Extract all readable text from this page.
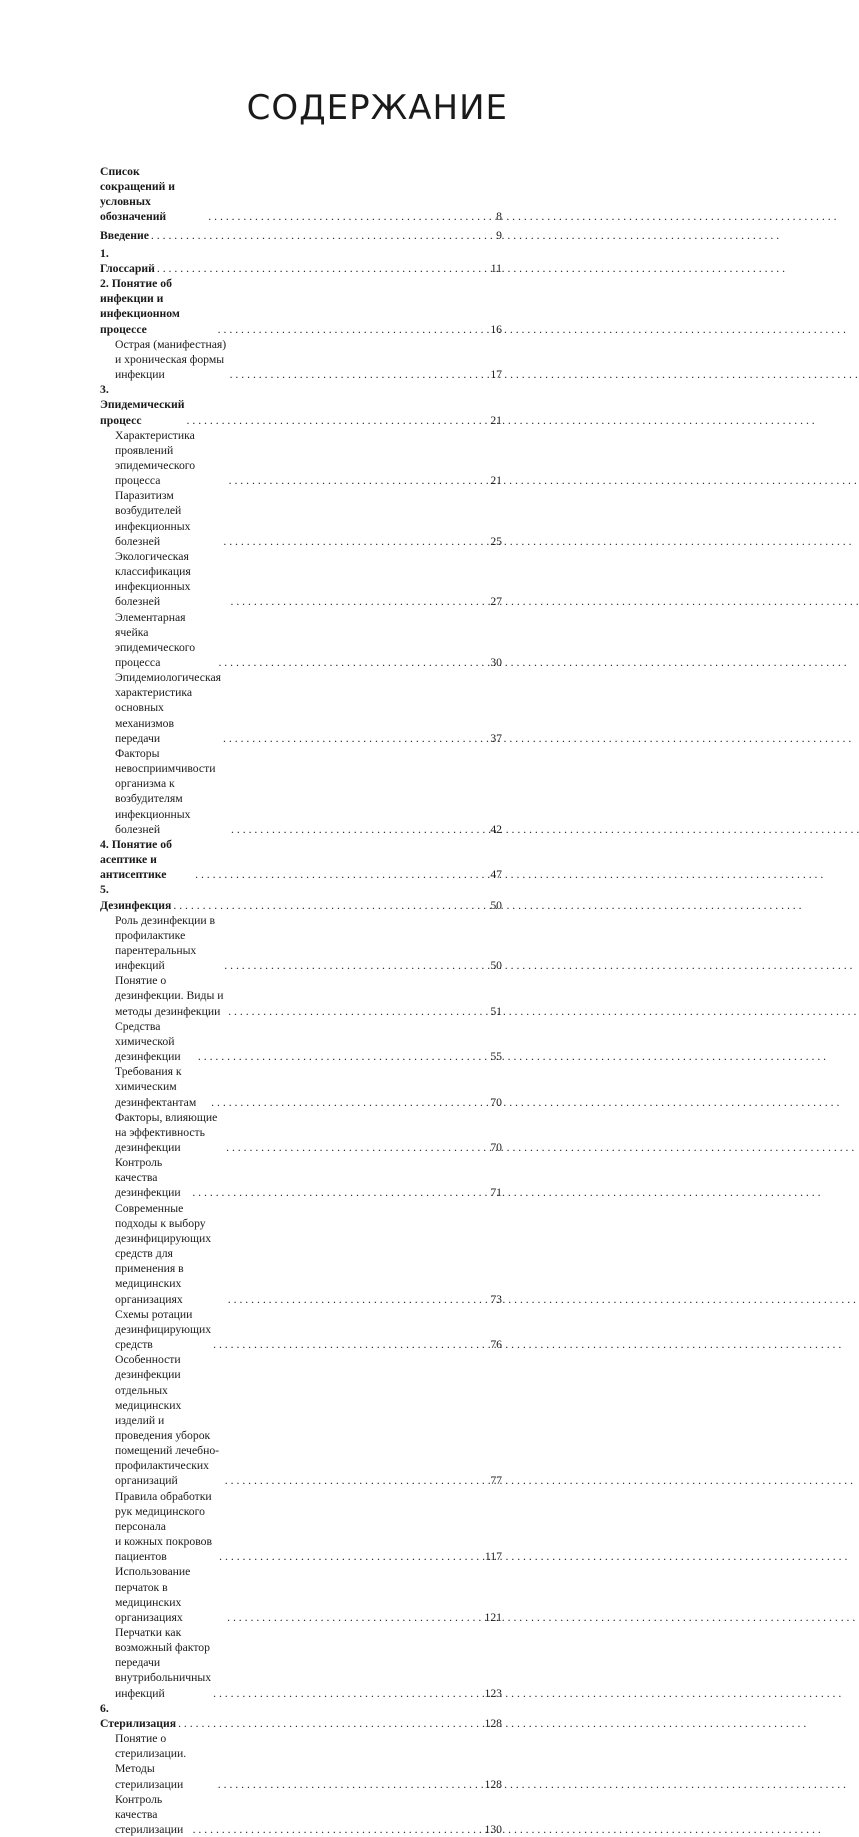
СОДЕРЖАНИЕ
Список сокращений и условных обозначений . . .	8
Введение . . .	9
1. Глоссарий . . .	11
2. Понятие об инфекции и инфекционном процессе . . .	16
Острая (манифестная) и хроническая формы инфекции . . .	17
3. Эпидемический процесс . . .	21
Характеристика проявлений эпидемического процесса . . .	21
Паразитизм возбудителей инфекционных болезней . . .	25
Экологическая классификация инфекционных болезней . . .	27
Элементарная ячейка эпидемического процесса . . .	30
Эпидемиологическая характеристика основных
механизмов передачи . . .	37
Факторы невосприимчивости организма к возбудителям
инфекционных болезней . . .	42
4. Понятие об асептике и антисептике . . .	47
5. Дезинфекция . . .	50
Роль дезинфекции в профилактике парентеральных
инфекций . . .	50
Понятие о дезинфекции. Виды и методы дезинфекции . . .	51
Средства химической дезинфекции . . .	55
Требования к химическим дезинфектантам . . .	70
Факторы, влияющие на эффективность дезинфекции . . .	70
Контроль качества дезинфекции . . .	71
Современные подходы к выбору дезинфицирующих
средств для применения в медицинских организациях . . .	73
Схемы ротации дезинфицирующих средств . . .	76
Особенности дезинфекции отдельных медицинских
изделий и проведения уборок помещений лечебно-
профилактических организаций . . .	77
Правила обработки рук медицинского персонала
и кожных покровов пациентов . . .	117
Использование перчаток в медицинских организациях . . .	121
Перчатки как возможный фактор передачи
внутрибольничных инфекций . . .	123
6. Стерилизация . . .	128
Понятие о стерилизации. Методы стерилизации . . .	128
Контроль качества стерилизации . . .	130
